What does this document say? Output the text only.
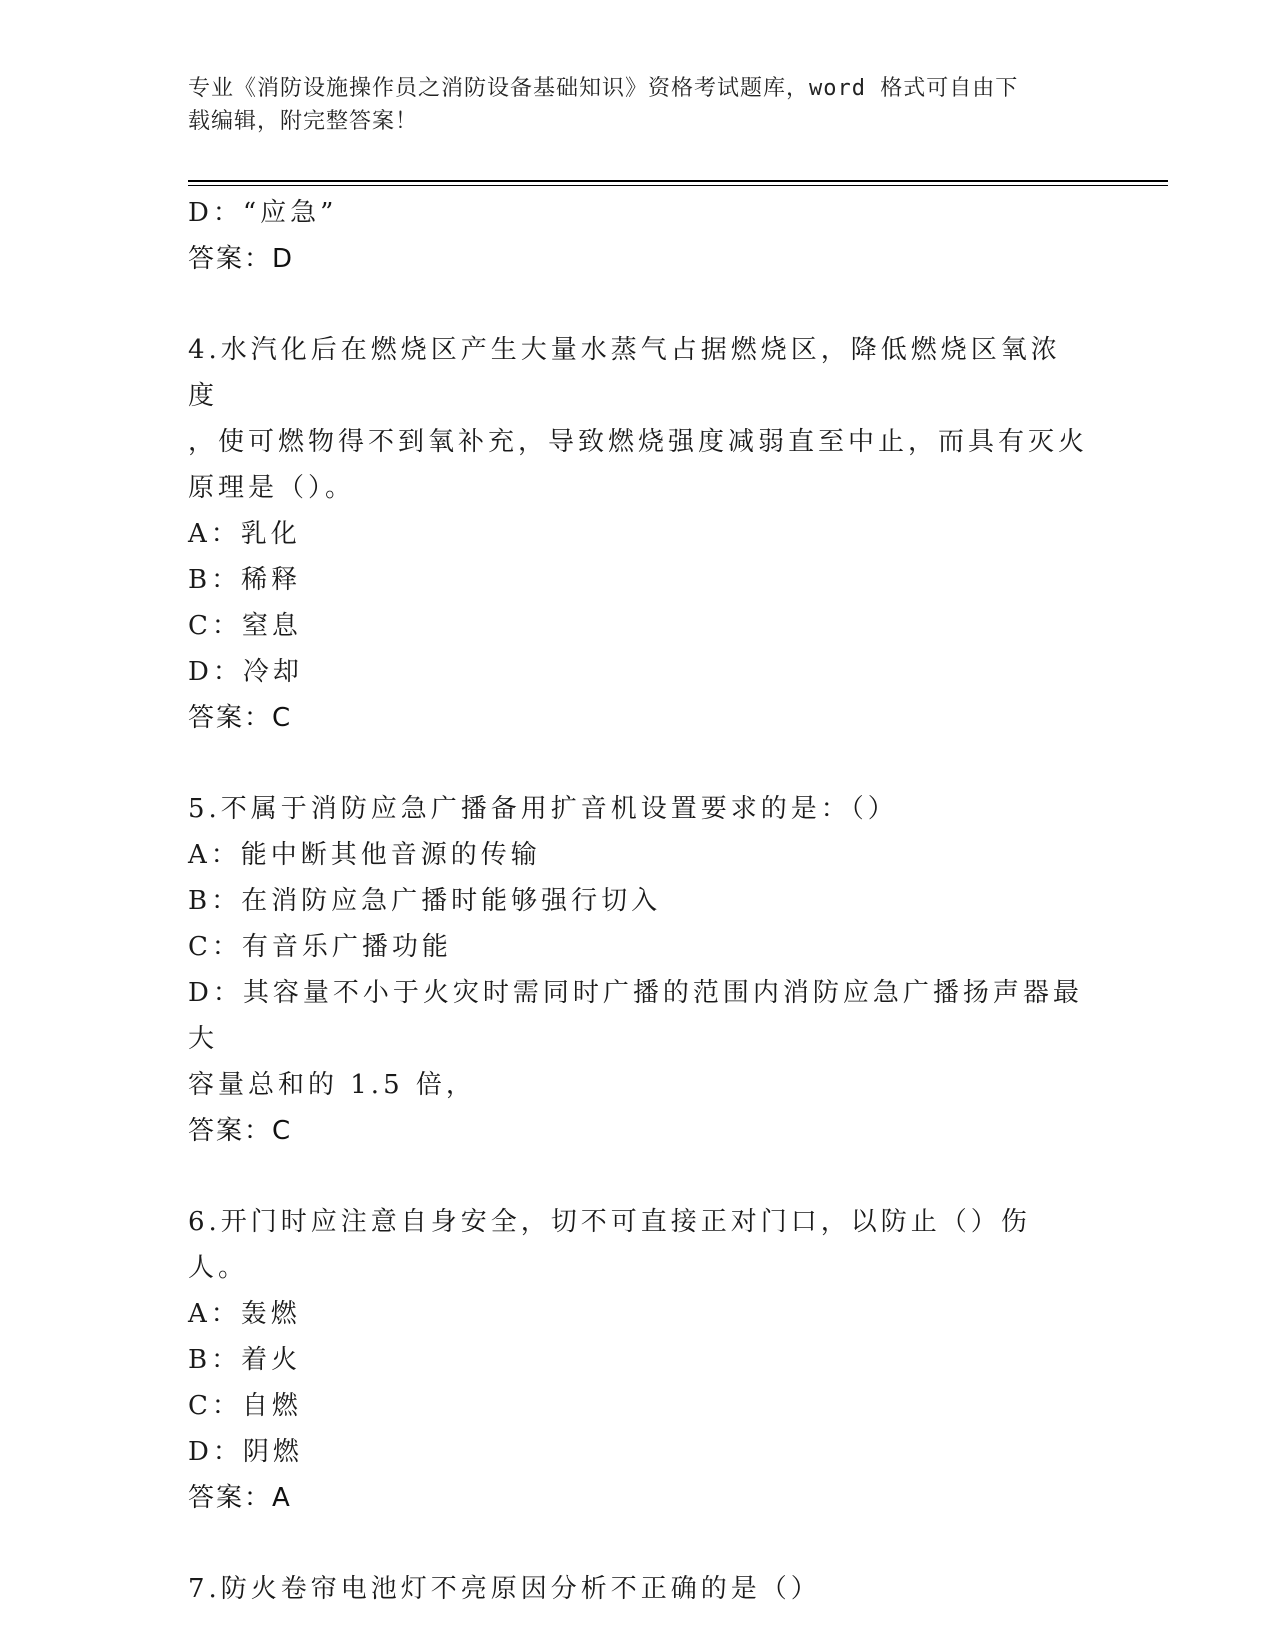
专业《消防设施操作员之消防设备基础知识》资格考试题库，word 格式可自由下
载编辑，附完整答案！
D：“应急”
答案：D
4.水汽化后在燃烧区产生大量水蒸气占据燃烧区，降低燃烧区氧浓度
，使可燃物得不到氧补充，导致燃烧强度减弱直至中止，而具有灭火
原理是（）。
A：乳化
B：稀释
C：窒息
D：冷却
答案：C
5.不属于消防应急广播备用扩音机设置要求的是：（）
A：能中断其他音源的传输
B：在消防应急广播时能够强行切入
C：有音乐广播功能
D：其容量不小于火灾时需同时广播的范围内消防应急广播扬声器最大
容量总和的 1.5 倍，
答案：C
6.开门时应注意自身安全，切不可直接正对门口，以防止（）伤人。
A：轰燃
B：着火
C：自燃
D：阴燃
答案：A
7.防火卷帘电池灯不亮原因分析不正确的是（）
